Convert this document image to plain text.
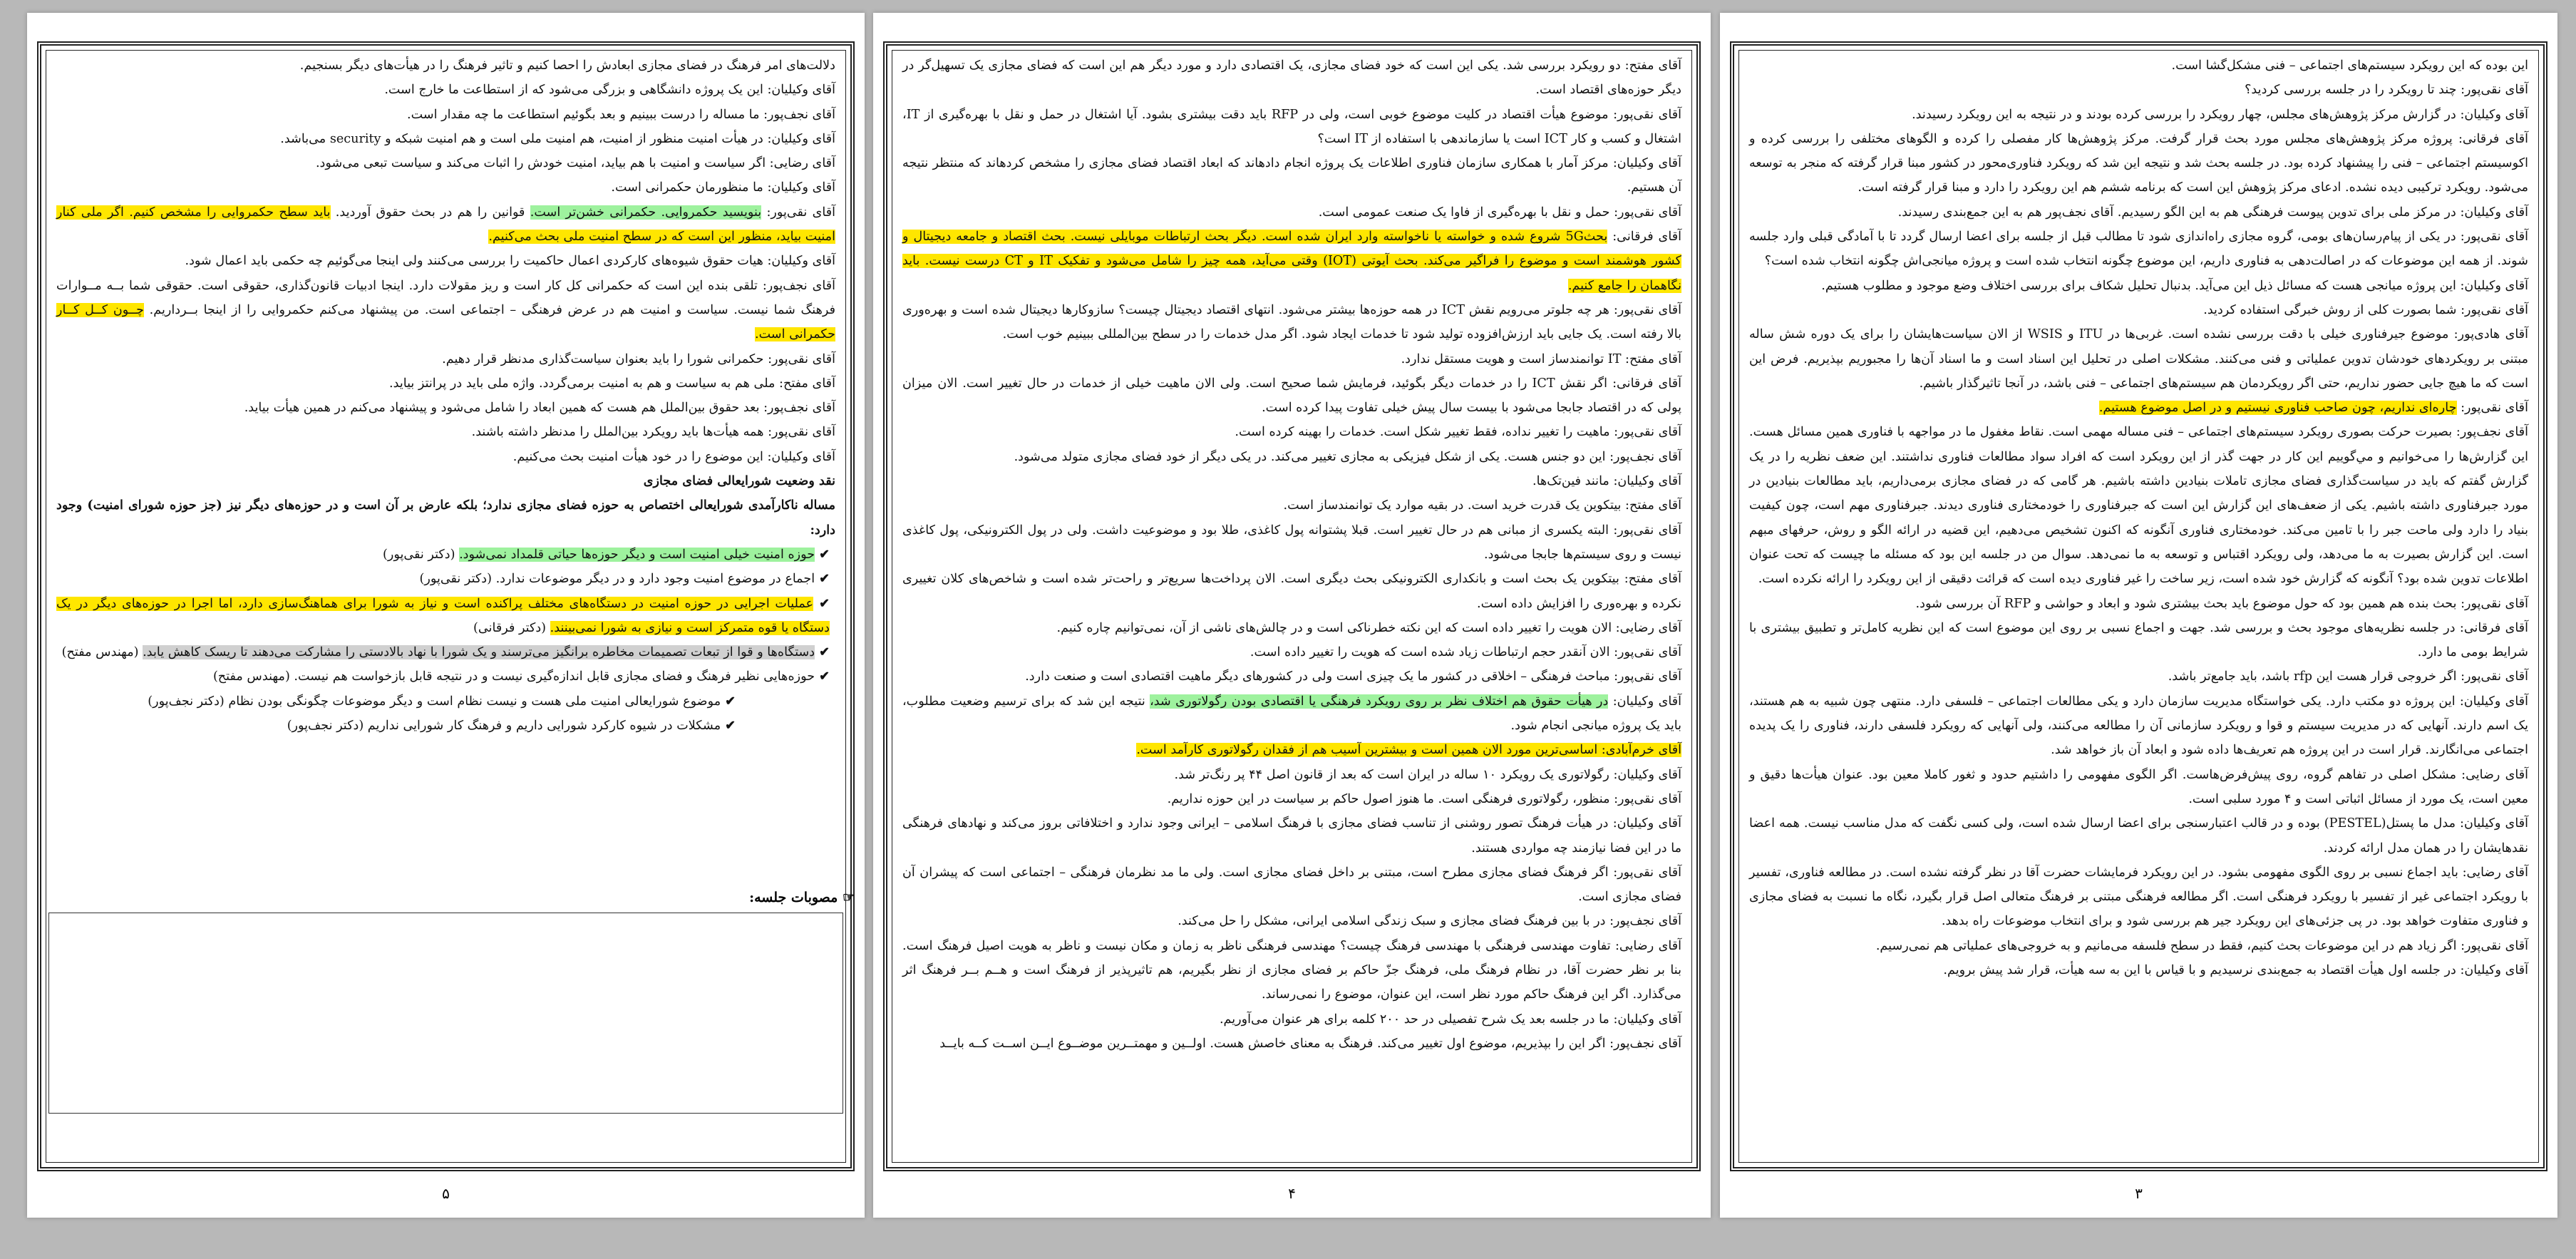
دلالت‌های امر فرهنگ در فضای مجازی ابعادش را احصا کنیم و تاثیر فرهنگ را در هیأت‌های دیگر بسنجیم.

آقای وکیلیان: این یک پروژه دانشگاهی و بزرگی می‌شود که از استطاعت ما خارج است.

آقای نجف‌پور: ما مساله را درست ببینیم و بعد بگوئیم استطاعت ما چه مقدار است.

آقای وکیلیان: در هیأت امنیت منظور از امنیت، هم امنیت ملی است و هم امنیت شبکه و security می‌باشد.

آقای رضایی: اگر سیاست و امنیت با هم بیاید، امنیت خودش را اثبات می‌کند و سیاست تبعی می‌شود.

آقای وکیلیان: ما منظورمان حکمرانی است.

آقای نقی‌پور: بنویسید حکمروایی. حکمرانی خشن‌تر است. قوانین را هم در بحث حقوق آوردید. باید سطح حکمروایی را مشخص کنیم. اگر ملی کنار امنیت بیاید، منظور این است که در سطح امنیت ملی بحث می‌کنیم.

آقای وکیلیان: هیات حقوق شیوه‌های کارکردی اعمال حاکمیت را بررسی می‌کنند ولی اینجا می‌گوئیم چه حکمی باید اعمال شود.

آقای نجف‌پور: تلقی بنده این است که حکمرانی کل کار است و ریز مقولات دارد. اینجا ادبیات قانون‌گذاری، حقوقی است. حقوقی شما بــه مــوارات فرهنگ شما نیست. سیاست و امنیت هم در عرض فرهنگی – اجتماعی است. من پیشنهاد می‌کنم حکمروایی را از اینجا بــرداریم. چــون کــل کــار حکمرانی است.

آقای نقی‌پور: حکمرانی شورا را باید بعنوان سیاست‌گذاری مدنظر قرار دهیم.

آقای مفتح: ملی هم به سیاست و هم به امنیت برمی‌گردد. واژه ملی باید در پرانتز بیاید.

آقای نجف‌پور: بعد حقوق بین‌الملل هم هست که همین ابعاد را شامل می‌شود و پیشنهاد می‌کنم در همین هیأت بیاید.

آقای نقی‌پور: همه هیأت‌ها باید رویکرد بین‌الملل را مدنظر داشته باشند.

آقای وکیلیان: این موضوع را در خود هیأت امنیت بحث می‌کنیم.

نقد وضعیت شورایعالی فضای مجازی

مساله ناکارآمدی شورایعالی اختصاص به حوزه فضای مجازی ندارد؛ بلکه عارض بر آن است و در حوزه‌های دیگر نیز (جز حوزه شورای امنیت) وجود دارد:

✔ حوزه امنیت خیلی امنیت است و دیگر حوزه‌ها حیاتی قلمداد نمی‌شود. (دکتر نقی‌پور)
✔ اجماع در موضوع امنیت وجود دارد و در دیگر موضوعات ندارد. (دکتر نقی‌پور)
✔ عملیات اجرایی در حوزه امنیت در دستگاه‌های مختلف پراکنده است و نیاز به شورا برای هماهنگ‌سازی دارد، اما اجرا در حوزه‌های دیگر در یک دستگاه یا قوه متمرکز است و نیازی به شورا نمی‌بینند. (دکتر فرقانی)
✔ دستگاه‌ها و قوا از تبعات تصمیمات مخاطره برانگیز می‌ترسند و یک شورا با نهاد بالادستی را مشارکت می‌دهند تا ریسک کاهش یابد. (مهندس مفتح)
✔ حوزه‌هایی نظیر فرهنگ و فضای مجازی قابل اندازه‌گیری نیست و در نتیجه قابل بازخواست هم نیست. (مهندس مفتح)
✔ موضوع شورایعالی امنیت ملی هست و نیست نظام است و دیگر موضوعات چگونگی بودن نظام (دکتر نجف‌پور)
✔ مشکلات در شیوه کارکرد شورایی داریم و فرهنگ کار شورایی نداریم (دکتر نجف‌پور)
۵

آقای مفتح: دو رویکرد بررسی شد. یکی این است که خود فضای مجازی، یک اقتصادی دارد و مورد دیگر هم این است که فضای مجازی یک تسهیل‌گر در دیگر حوزه‌های اقتصاد است.

آقای نقی‌پور: موضوع هیأت اقتصاد در کلیت موضوع خوبی است، ولی در RFP باید دقت بیشتری بشود. آیا اشتغال در حمل و نقل با بهره‌گیری از IT، اشتغال و کسب و کار ICT است یا سازماندهی با استفاده از IT است؟

آقای وکیلیان: مرکز آمار با همکاری سازمان فناوری اطلاعات یک پروژه انجام دادهاند که ابعاد اقتصاد فضای مجازی را مشخص کردهاند که منتظر نتیجه آن هستیم.

آقای نقی‌پور: حمل و نقل با بهره‌گیری از فاوا یک صنعت عمومی است.

آقای فرقانی: بحث5G شروع شده و خواسته یا ناخواسته وارد ایران شده است. دیگر بحث ارتباطات موبایلی نیست. بحث اقتصاد و جامعه دیجیتال و کشور هوشمند است و موضوع را فراگیر می‌کند. بحث آیوتی (IOT) وقتی می‌آید، همه چیز را شامل می‌شود و تفکیک IT و CT درست نیست. باید نگاهمان را جامع کنیم.

آقای نقی‌پور: هر چه جلوتر می‌رویم نقش ICT در همه حوزه‌ها بیشتر می‌شود. انتهای اقتصاد دیجیتال چیست؟ سازوکارها دیجیتال شده است و بهره‌وری بالا رفته است. یک جایی باید ارزش‌افزوده تولید شود تا خدمات ایجاد شود. اگر مدل خدمات را در سطح بین‌المللی ببینیم خوب است.

آقای مفتح: IT توانمندساز است و هویت مستقل ندارد.

آقای فرقانی: اگر نقش ICT را در خدمات دیگر بگوئید، فرمایش شما صحیح است. ولی الان ماهیت خیلی از خدمات در حال تغییر است. الان میزان پولی که در اقتصاد جابجا می‌شود با بیست سال پیش خیلی تفاوت پیدا کرده است.

آقای نقی‌پور: ماهیت را تغییر نداده، فقط تغییر شکل است. خدمات را بهینه کرده است.

آقای نجف‌پور: این دو جنس هست. یکی از شکل فیزیکی به مجازی تغییر می‌کند. در یکی دیگر از خود فضای مجازی متولد می‌شود.

آقای وکیلیان: مانند فین‌تک‌ها.

آقای مفتح: بیتکوین یک قدرت خرید است. در بقیه موارد یک توانمندساز است.

آقای نقی‌پور: البته یکسری از مبانی هم در حال تغییر است. قبلا پشتوانه پول کاغذی، طلا بود و موضوعیت داشت. ولی در پول الکترونیکی، پول کاغذی نیست و روی سیستم‌ها جابجا می‌شود.

آقای مفتح: بیتکوین یک بحث است و بانکداری الکترونیکی بحث دیگری است. الان پرداخت‌ها سریع‌تر و راحت‌تر شده است و شاخص‌های کلان تغییری نکرده و بهره‌وری را افزایش داده است.

آقای رضایی: الان هویت را تغییر داده است که این نکته خطرناکی است و در چالش‌های ناشی از آن، نمی‌توانیم چاره کنیم.

آقای نقی‌پور: الان آنقدر حجم ارتباطات زیاد شده است که هویت را تغییر داده است.

آقای نقی‌پور: مباحث فرهنگی – اخلاقی در کشور ما یک چیزی است ولی در کشورهای دیگر ماهیت اقتصادی است و صنعت دارد.

آقای وکیلیان: در هیأت حقوق هم اختلاف نظر بر روی رویکرد فرهنگی یا اقتصادی بودن رگولاتوری شد، نتیجه این شد که برای ترسیم وضعیت مطلوب، باید یک پروژه میانجی انجام شود.

آقای خرم‌آبادی: اساسی‌ترین مورد الان همین است و بیشترین آسیب هم از فقدان رگولاتوری کارآمد است.

آقای وکیلیان: رگولاتوری یک رویکرد ۱۰ ساله در ایران است که بعد از قانون اصل ۴۴ پر رنگ‌تر شد.

آقای نقی‌پور: منظور، رگولاتوری فرهنگی است. ما هنوز اصول حاکم بر سیاست در این حوزه نداریم.

آقای وکیلیان: در هیأت فرهنگ تصور روشنی از تناسب فضای مجازی با فرهنگ اسلامی – ایرانی وجود ندارد و اختلافاتی بروز می‌کند و نهادهای فرهنگی ما در این فضا نیازمند چه مواردی هستند.

آقای نقی‌پور: اگر فرهنگ فضای مجازی مطرح است، مبتنی بر داخل فضای مجازی است. ولی ما مد نظرمان فرهنگی – اجتماعی است که پیشران آن فضای مجازی است.

آقای نجف‌پور: در با بین فرهنگ فضای مجازی و سبک زندگی اسلامی ایرانی، مشکل را حل می‌کند.

آقای رضایی: تفاوت مهندسی فرهنگی با مهندسی فرهنگ چیست؟ مهندسی فرهنگی ناظر به زمان و مکان نیست و ناظر به هویت اصیل فرهنگ است. بنا بر نظر حضرت آقا، در نظام فرهنگ ملی، فرهنگ جزّ حاکم بر فضای مجازی از نظر بگیریم، هم تاثیرپذیر از فرهنگ است و هــم بــر فرهنگ اثر می‌گذارد. اگر این فرهنگ حاکم مورد نظر است، این عنوان، موضوع را نمی‌رساند.

آقای وکیلیان: ما در جلسه بعد یک شرح تفصیلی در حد ۲۰۰ کلمه برای هر عنوان می‌آوریم.

آقای نجف‌پور: اگر این را بپذیریم، موضوع اول تغییر می‌کند. فرهنگ به معنای خاصش هست. اولــین و مهمتــرین موضــوع ایــن اســت کــه بایــد

۴

این بوده که این رویکرد سیستم‌های اجتماعی – فنی مشکل‌گشا است.

آقای نقی‌پور: چند تا رویکرد را در جلسه بررسی کردید؟

آقای وکیلیان: در گزارش مرکز پژوهش‌های مجلس، چهار رویکرد را بررسی کرده بودند و در نتیجه به این رویکرد رسیدند.

آقای فرقانی: پروژه مرکز پژوهش‌های مجلس مورد بحث قرار گرفت. مرکز پژوهش‌ها کار مفصلی را کرده و الگوهای مختلفی را بررسی کرده و اکوسیستم اجتماعی – فنی را پیشنهاد کرده بود. در جلسه بحث شد و نتیجه این شد که رویکرد فناوری‌محور در کشور مبنا قرار گرفته که منجر به توسعه می‌شود. رویکرد ترکیبی دیده نشده. ادعای مرکز پژوهش این است که برنامه ششم هم این رویکرد را دارد و مبنا قرار گرفته است.

آقای وکیلیان: در مرکز ملی برای تدوین پیوست فرهنگی هم به این الگو رسیدیم. آقای نجف‌پور هم به این جمع‌بندی رسیدند.

آقای نقی‌پور: در یکی از پیام‌رسان‌های بومی، گروه مجازی راه‌اندازی شود تا مطالب قبل از جلسه برای اعضا ارسال گردد تا با آمادگی قبلی وارد جلسه شوند. از همه این موضوعات که در اصالت‌دهی به فناوری داریم، این موضوع چگونه انتخاب شده است و پروژه میانجی‌اش چگونه انتخاب شده است؟

آقای وکیلیان: این پروژه میانجی هست که مسائل ذیل این می‌آید. بدنبال تحلیل شکاف برای بررسی اختلاف وضع موجود و مطلوب هستیم.

آقای نقی‌پور: شما بصورت کلی از روش خبرگی استفاده کردید.

آقای هادی‌پور: موضوع جیرفناوری خیلی با دقت بررسی نشده است. غربی‌ها در ITU و WSIS از الان سیاست‌هایشان را برای یک دوره شش ساله مبتنی بر رویکردهای خودشان تدوین عملیاتی و فنی می‌کنند. مشکلات اصلی در تحلیل این اسناد است و ما اسناد آن‌ها را مجبوریم بپذیریم. فرض این است که ما هیچ جایی حضور نداریم، حتی اگر رویکردمان هم سیستم‌های اجتماعی – فنی باشد، در آنجا تاثیرگذار باشیم.

آقای نقی‌پور: چاره‌ای نداریم، چون صاحب فناوری نیستیم و در اصل موضوع هستیم.

آقای نجف‌پور: بصیرت حرکت بصوری رویکرد سیستم‌های اجتماعی – فنی مساله مهمی است. نقاط مغفول ما در مواجهه با فناوری همین مسائل هست. این گزارش‌ها را می‌خوانیم و مي‌گوییم این کار در جهت گذر از این رویکرد است که افراد سواد مطالعات فناوری نداشتند. این ضعف نظریه را در یک گزارش گفتم که باید در سیاست‌گذاری فضای مجازی تاملات بنیادین داشته باشیم. هر گامی که در فضای مجازی برمی‌داریم، باید مطالعات بنیادین در مورد جبرفناوری داشته باشیم. یکی از ضعف‌های این گزارش این است که جبرفناوری را خودمختاری فناوری دیدند. جبرفناوری مهم است، چون کیفیت بنیاد را دارد ولی ماحت جبر را با تامین می‌کند. خودمختاری فناوری آنگونه که ا‌کنون تشخیص می‌دهیم، این قضیه در ارائه الگو و روش، حرفهای مبهم است. این گزارش بصیرت به ما می‌دهد، ولی رویکرد اقتباس و توسعه به ما نمی‌دهد. سوال من در جلسه این بود که مسئله ما چیست که تحت عنوان اطلاعات تدوین شده بود؟ آنگونه که گزارش خود شده است، زیر ساخت را غیر فناوری دیده است که قرائت دقیقی از این رویکرد را ارائه نکرده است.

آقای نقی‌پور: بحث بنده هم همین بود که حول موضوع باید بحث بیشتری شود و ابعاد و حواشی و RFP آن بررسی شود.

آقای فرقانی: در جلسه نظریه‌های موجود بحث و بررسی شد. جهت و اجماع نسبی بر روی این موضوع است که این نظریه کامل‌تر و تطبیق بیشتری با شرایط بومی ما دارد.

آقای نقی‌پور: اگر خروجی قرار هست این rfp باشد، باید جامع‌تر باشد.

آقای وکیلیان: این پروژه دو مکتب دارد. یکی خواستگاه مدیریت سازمان دارد و یکی مطالعات اجتماعی – فلسفی دارد. منتهی چون شبیه به هم هستند، یک اسم دارند. آنهایی که در مدیریت سیستم و قوا و رویکرد سازمانی آن را مطالعه می‌کنند، ولی آنهایی که رویکرد فلسفی دارند، فناوری را یک پدیده اجتماعی می‌انگارند. قرار است در این پروژه هم تعریف‌ها داده شود و ابعاد آن باز خواهد شد.

آقای رضایی: مشکل اصلی در تفاهم گروه، روی پیش‌فرض‌هاست. اگر الگوی مفهومی را داشتیم حدود و ثغور کاملا معین بود. عنوان هیأت‌ها دقیق و معین است، یک مورد از مسائل اثباتی است و ۴ مورد سلبی است.

آقای وکیلیان: مدل ما پستل(PESTEL) بوده و در قالب اعتبارسنجی برای اعضا ارسال شده است، ولی کسی نگفت که مدل مناسب نیست. همه اعضا نقدهایشان را در همان مدل ارائه کردند.

آقای رضایی: باید اجماع نسبی بر روی الگوی مفهومی بشود. در این رویکرد فرمایشات حضرت آقا در نظر گرفته نشده است. در مطالعه فناوری، تفسیر با رویکرد اجتماعی غیر از تفسیر با رویکرد فرهنگی است. اگر مطالعه فرهنگی مبتنی بر فرهنگ متعالی اصل قرار بگیرد، نگاه ما نسبت به فضای مجازی و فناوری متفاوت خواهد بود. در پی جزئی‌های این رویکرد جیر هم بررسی شود و برای انتخاب موضوعات راه بدهد.

آقای نقی‌پور: اگر زیاد هم در این موضوعات بحث کنیم، فقط در سطح فلسفه می‌مانیم و به خروجی‌های عملیاتی هم نمی‌رسیم.

آقای وکیلیان: در جلسه اول هیأت اقتصاد به جمع‌بندی نرسیدیم و با قیاس با این به سه هیأت، قرار شد پیش برویم.

۳
☞ مصوبات جلسه:
